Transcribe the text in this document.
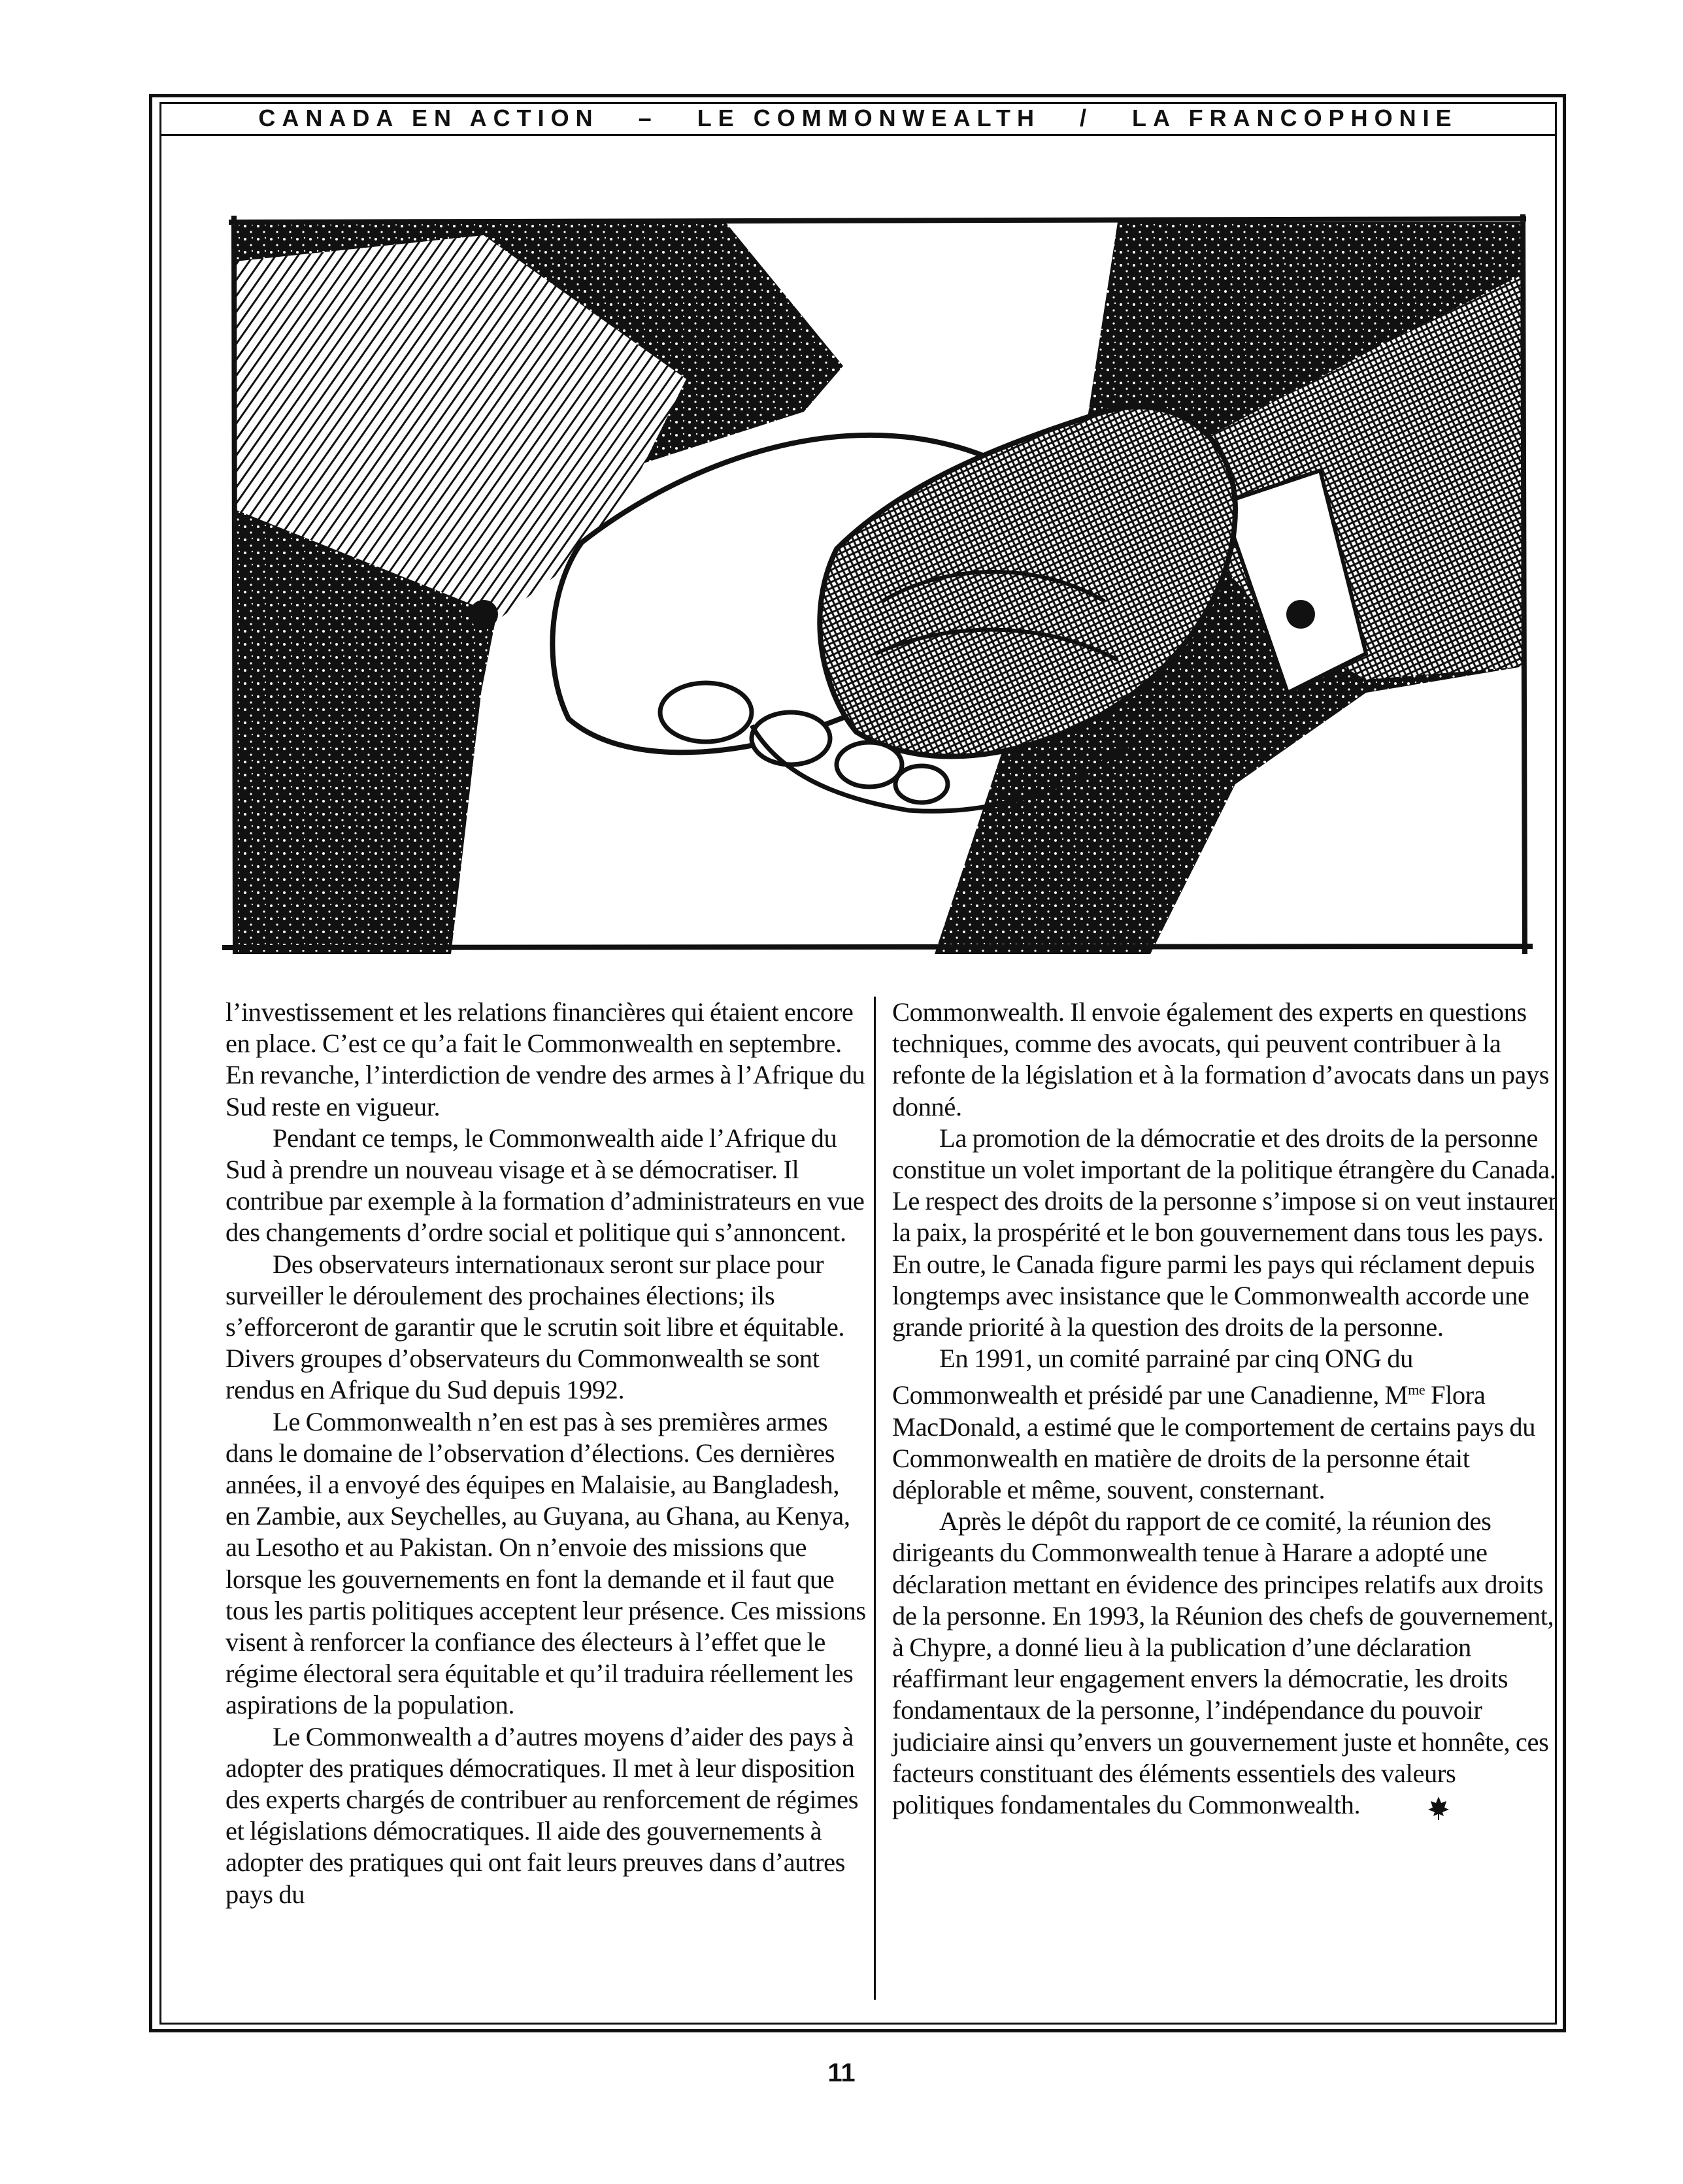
CANADA EN ACTION   –   LE COMMONWEALTH   /   LA FRANCOPHONIE

l’investissement et les relations financières qui étaient encore en place. C’est ce qu’a fait le Commonwealth en septembre. En revanche, l’interdiction de vendre des armes à l’Afrique du Sud reste en vigueur.

Pendant ce temps, le Commonwealth aide l’Afrique du Sud à prendre un nouveau visage et à se démocratiser. Il contribue par exemple à la formation d’administrateurs en vue des changements d’ordre social et politique qui s’annoncent.

Des observateurs internationaux seront sur place pour surveiller le déroulement des prochaines élections; ils s’efforceront de garantir que le scrutin soit libre et équitable. Divers groupes d’observateurs du Commonwealth se sont rendus en Afrique du Sud depuis 1992.

Le Commonwealth n’en est pas à ses premières armes dans le domaine de l’observation d’élections. Ces dernières années, il a envoyé des équipes en Malaisie, au Bangladesh, en Zambie, aux Seychelles, au Guyana, au Ghana, au Kenya, au Lesotho et au Pakistan. On n’envoie des missions que lorsque les gouvernements en font la demande et il faut que tous les partis politiques acceptent leur présence. Ces missions visent à renforcer la confiance des électeurs à l’effet que le régime électoral sera équitable et qu’il traduira réellement les aspirations de la population.

Le Commonwealth a d’autres moyens d’aider des pays à adopter des pratiques démocratiques. Il met à leur disposition des experts chargés de contribuer au renforcement de régimes et législations démocratiques. Il aide des gouvernements à adopter des pratiques qui ont fait leurs preuves dans d’autres pays du

Commonwealth. Il envoie également des experts en questions techniques, comme des avocats, qui peuvent contribuer à la refonte de la législation et à la formation d’avocats dans un pays donné.

La promotion de la démocratie et des droits de la personne constitue un volet important de la politique étrangère du Canada. Le respect des droits de la personne s’impose si on veut instaurer la paix, la prospérité et le bon gouvernement dans tous les pays. En outre, le Canada figure parmi les pays qui réclament depuis longtemps avec insistance que le Commonwealth accorde une grande priorité à la question des droits de la personne.

En 1991, un comité parrainé par cinq ONG du Commonwealth et présidé par une Canadienne, $M^{me}$ Flora MacDonald, a estimé que le comportement de certains pays du Commonwealth en matière de droits de la personne était déplorable et même, souvent, consternant.

Après le dépôt du rapport de ce comité, la réunion des dirigeants du Commonwealth tenue à Harare a adopté une déclaration mettant en évidence des principes relatifs aux droits de la personne. En 1993, la Réunion des chefs de gouvernement, à Chypre, a donné lieu à la publication d’une déclaration réaffirmant leur engagement envers la démocratie, les droits fondamentaux de la personne, l’indépendance du pouvoir judiciaire ainsi qu’envers un gouvernement juste et honnête, ces facteurs constituant des éléments essentiels des valeurs politiques fondamentales du Commonwealth.

11
